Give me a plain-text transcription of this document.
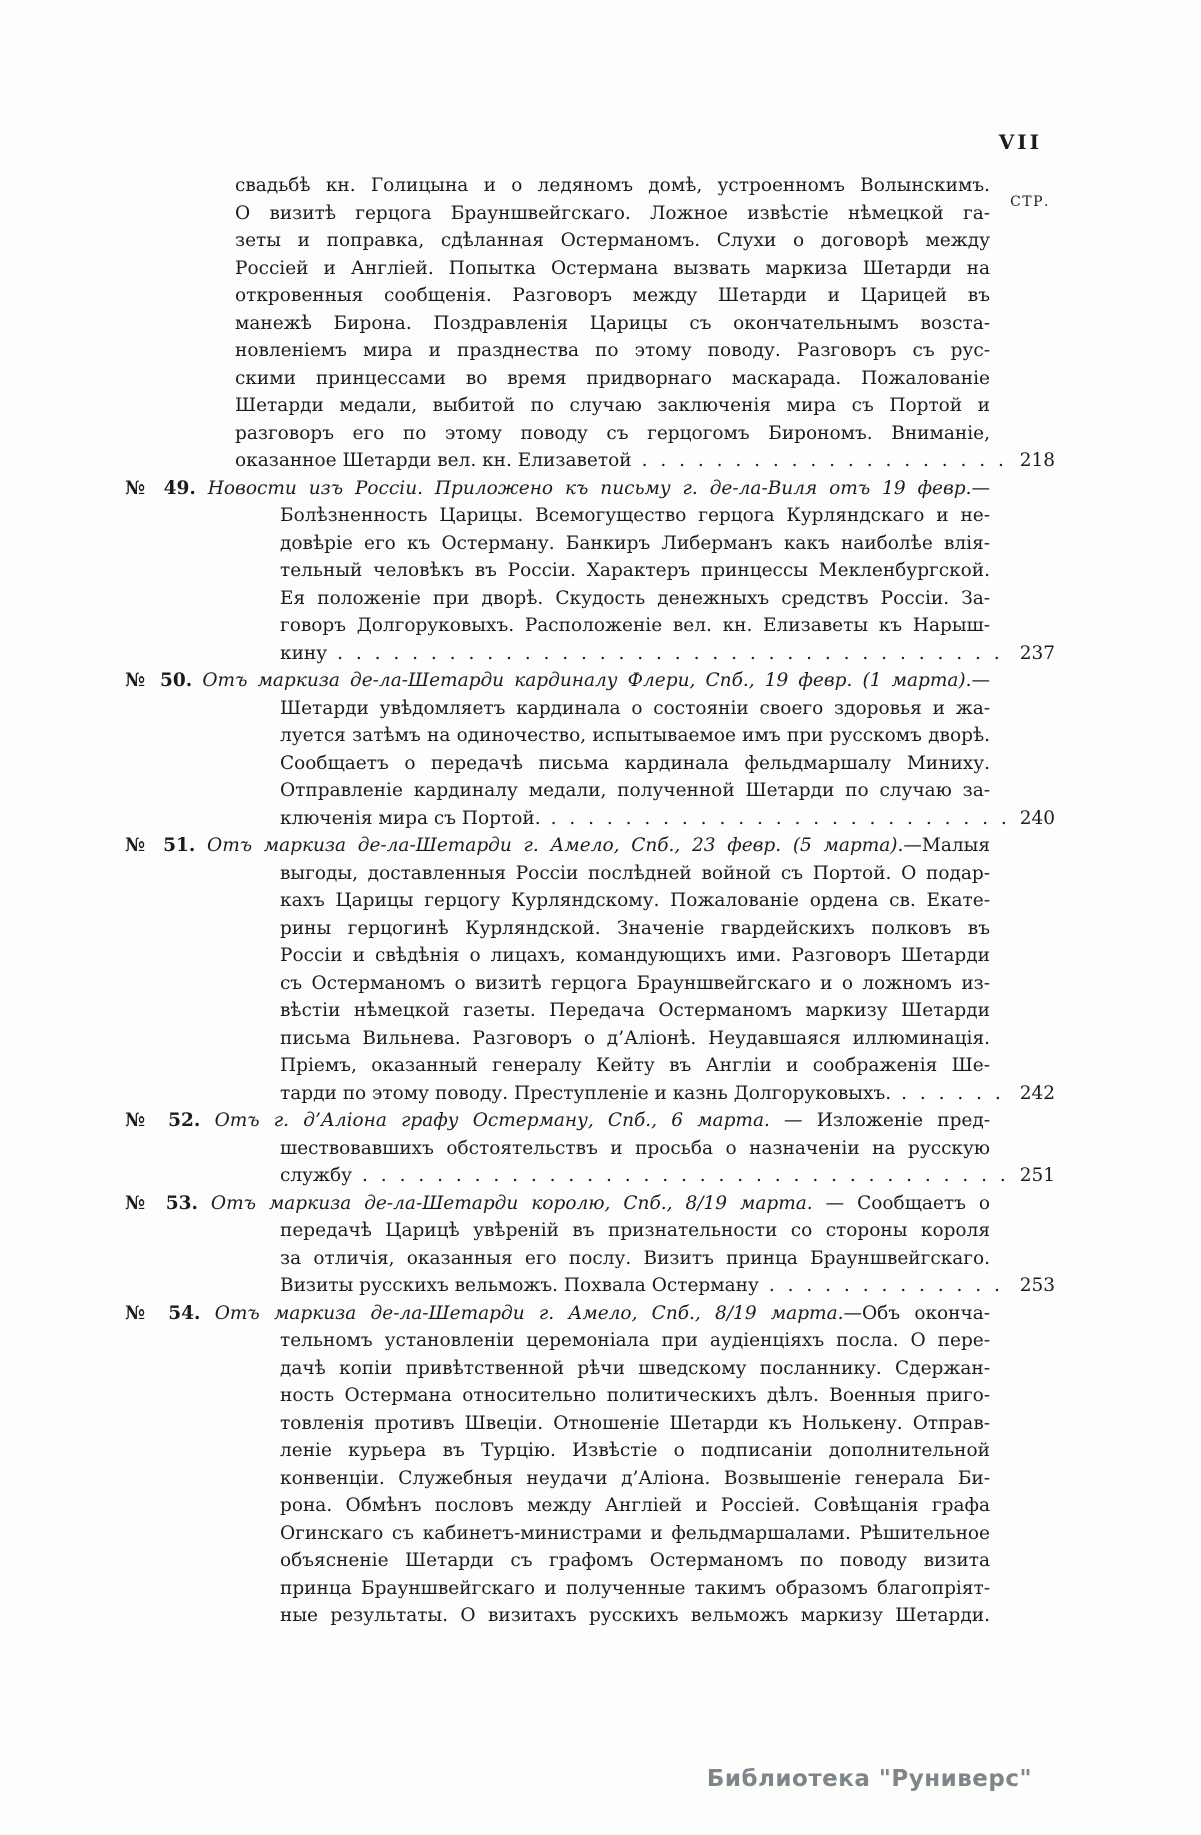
VII
СТР.
свадьбѣ кн. Голицына и о ледяномъ домѣ, устроенномъ Волынскимъ.
О визитѣ герцога Брауншвейгскаго. Ложное извѣстіе нѣмецкой га-
зеты и поправка, сдѣланная Остерманомъ. Слухи о договорѣ между
Россіей и Англіей. Попытка Остермана вызвать маркиза Шетарди на
откровенныя сообщенія. Разговоръ между Шетарди и Царицей въ
манежѣ Бирона. Поздравленія Царицы съ окончательнымъ возста-
новленіемъ мира и празднества по этому поводу. Разговоръ съ рус-
скими принцессами во время придворнаго маскарада. Пожалованіе
Шетарди медали, выбитой по случаю заключенія мира съ Портой и
разговоръ его по этому поводу съ герцогомъ Бирономъ. Вниманіе,
оказанное Шетарди вел. кн. Елизаветой . . .	218
№ 49. Новости изъ Россіи. Приложено къ письму г. де-ла-Виля отъ 19 февр.—
Болѣзненность Царицы. Всемогущество герцога Курляндскаго и не-
довѣріе его къ Остерману. Банкиръ Либерманъ какъ наиболѣе влія-
тельный человѣкъ въ Россіи. Характеръ принцессы Мекленбургской.
Ея положеніе при дворѣ. Скудость денежныхъ средствъ Россіи. За-
говоръ Долгоруковыхъ. Расположеніе вел. кн. Елизаветы къ Нарыш-
кину . . .	237
№ 50. Отъ маркиза де-ла-Шетарди кардиналу Флери, Спб., 19 февр. (1 марта).—
Шетарди увѣдомляетъ кардинала о состояніи своего здоровья и жа-
луется затѣмъ на одиночество, испытываемое имъ при русскомъ дворѣ.
Сообщаетъ о передачѣ письма кардинала фельдмаршалу Миниху.
Отправленіе кардиналу медали, полученной Шетарди по случаю за-
ключенія мира съ Портой. . . .	240
№ 51. Отъ маркиза де-ла-Шетарди г. Амело, Спб., 23 февр. (5 марта).—Малыя
выгоды, доставленныя Россіи послѣдней войной съ Портой. О подар-
кахъ Царицы герцогу Курляндскому. Пожалованіе ордена св. Екате-
рины герцогинѣ Курляндской. Значеніе гвардейскихъ полковъ въ
Россіи и свѣдѣнія о лицахъ, командующихъ ими. Разговоръ Шетарди
съ Остерманомъ о визитѣ герцога Брауншвейгскаго и о ложномъ из-
вѣстіи нѣмецкой газеты. Передача Остерманомъ маркизу Шетарди
письма Вильнева. Разговоръ о д’Аліонѣ. Неудавшаяся иллюминація.
Пріемъ, оказанный генералу Кейту въ Англіи и соображенія Ше-
тарди по этому поводу. Преступленіе и казнь Долгоруковыхъ. . . .	242
№ 52. Отъ г. д’Аліона графу Остерману, Спб., 6 марта. — Изложеніе пред-
шествовавшихъ обстоятельствъ и просьба о назначеніи на русскую
службу . . .	251
№ 53. Отъ маркиза де-ла-Шетарди королю, Спб., 8/19 марта. — Сообщаетъ о
передачѣ Царицѣ увѣреній въ признательности со стороны короля
за отличія, оказанныя его послу. Визитъ принца Брауншвейгскаго.
Визиты русскихъ вельможъ. Похвала Остерману . . .	253
№ 54. Отъ маркиза де-ла-Шетарди г. Амело, Спб., 8/19 марта.—Объ оконча-
тельномъ установленіи церемоніала при аудіенціяхъ посла. О пере-
дачѣ копіи привѣтственной рѣчи шведскому посланнику. Сдержан-
ность Остермана относительно политическихъ дѣлъ. Военныя приго-
товленія противъ Швеціи. Отношеніе Шетарди къ Нолькену. Отправ-
леніе курьера въ Турцію. Извѣстіе о подписаніи дополнительной
конвенціи. Служебныя неудачи д’Аліона. Возвышеніе генерала Би-
рона. Обмѣнъ пословъ между Англіей и Россіей. Совѣщанія графа
Огинскаго съ кабинетъ-министрами и фельдмаршалами. Рѣшительное
объясненіе Шетарди съ графомъ Остерманомъ по поводу визита
принца Брауншвейгскаго и полученные такимъ образомъ благопріят-
ные результаты. О визитахъ русскихъ вельможъ маркизу Шетарди.
Библиотека "Руниверс"
